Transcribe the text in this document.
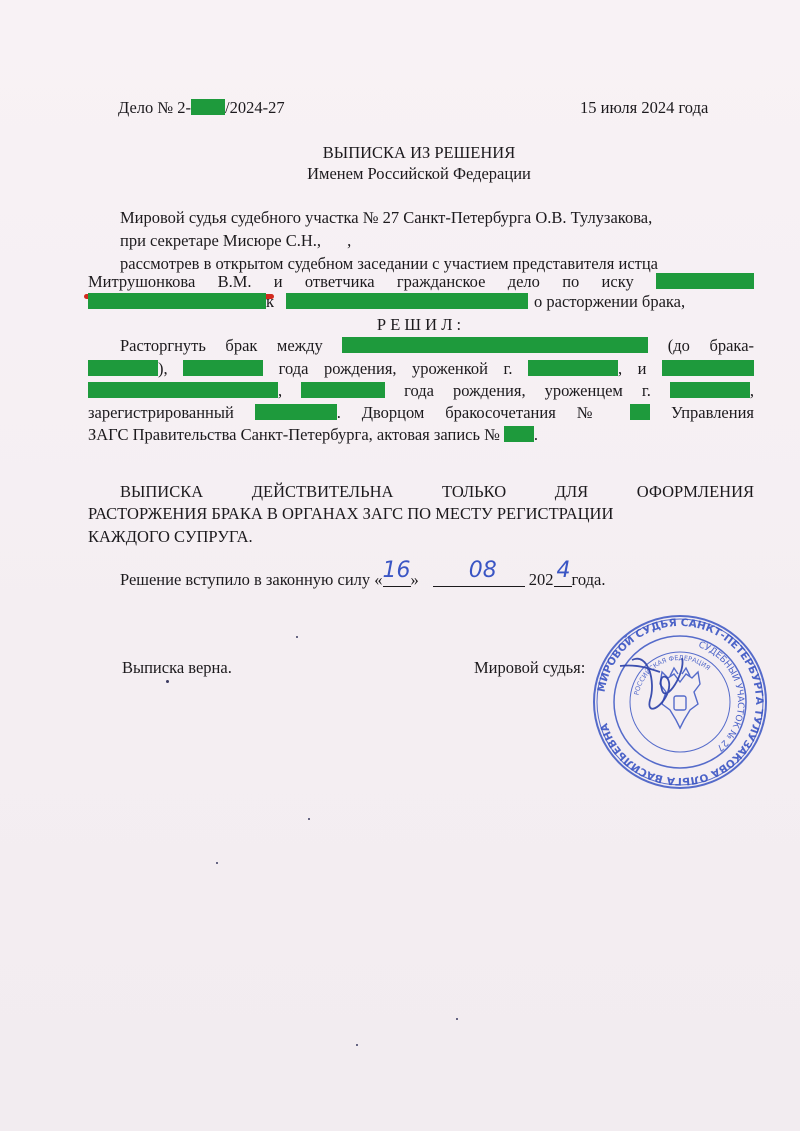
Дело № 2- /2024-27	15 июля 2024 года
ВЫПИСКА ИЗ РЕШЕНИЯ
Именем Российской Федерации
Мировой судья судебного участка № 27 Санкт-Петербурга О.В. Тулузакова,
при секретаре Мисюре С.Н., ,
рассмотрев в открытом судебном заседании с участием представителя истца
Митрушонкова В.М. и ответчика гражданское дело по иску
к	о расторжении брака,
Р Е Ш И Л :
Расторгнуть брак между	(до брака-
),	года рождения, уроженкой г.	, и
,	года рождения, уроженцем г.	,
зарегистрированный	. Дворцом бракосочетания №	Управления
ЗАГС Правительства Санкт-Петербурга, актовая запись № .
ВЫПИСКА ДЕЙСТВИТЕЛЬНА ТОЛЬКО ДЛЯ ОФОРМЛЕНИЯ
РАСТОРЖЕНИЯ БРАКА В ОРГАНАХ ЗАГС ПО МЕСТУ РЕГИСТРАЦИИ
КАЖДОГО СУПРУГА.
Решение вступило в законную силу « 16 » 08 202 4 года.
Выписка верна.	Мировой судья:
МИРОВОЙ СУДЬЯ САНКТ-ПЕТЕРБУРГА ТУЛУЗАКОВА ОЛЬГА ВАСИЛЬЕВНА
СУДЕБНЫЙ УЧАСТОК № 27
РОССИЙСКАЯ ФЕДЕРАЦИЯ
